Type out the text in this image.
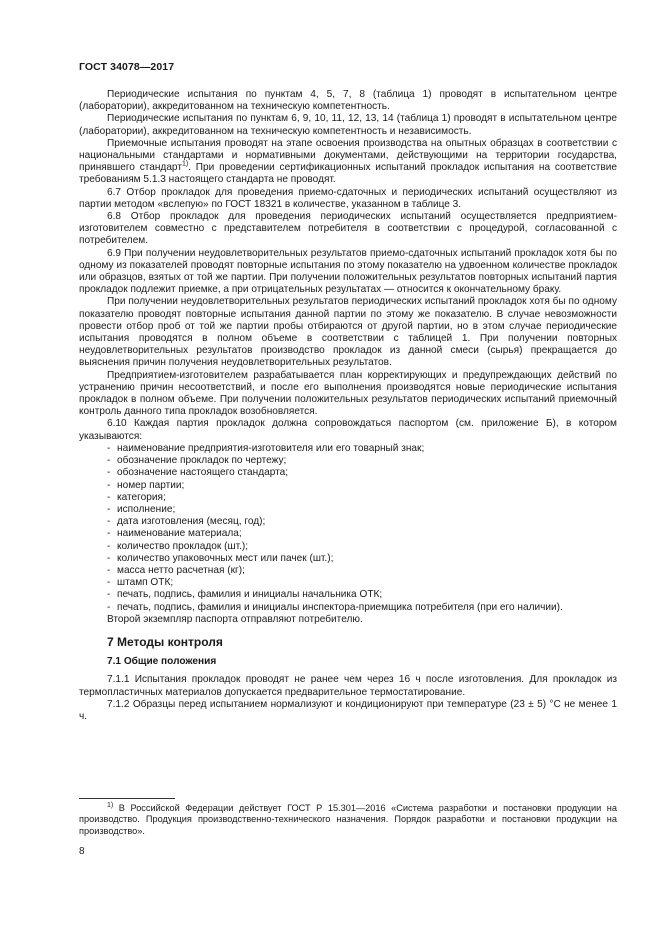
ГОСТ 34078—2017

Периодические испытания по пунктам 4, 5, 7, 8 (таблица 1) проводят в испытательном центре (лаборатории), аккредитованном на техническую компетентность.

Периодические испытания по пунктам 6, 9, 10, 11, 12, 13, 14 (таблица 1) проводят в испытательном центре (лаборатории), аккредитованном на техническую компетентность и независимость.

Приемочные испытания проводят на этапе освоения производства на опытных образцах в соответствии с национальными стандартами и нормативными документами, действующими на территории государства, принявшего стандарт$^{1)}$. При проведении сертификационных испытаний прокладок испытания на соответствие требованиям 5.1.3 настоящего стандарта не проводят.

6.7 Отбор прокладок для проведения приемо-сдаточных и периодических испытаний осуществляют из партии методом «вслепую» по ГОСТ 18321 в количестве, указанном в таблице 3.

6.8 Отбор прокладок для проведения периодических испытаний осуществляется предприятием-изготовителем совместно с представителем потребителя в соответствии с процедурой, согласованной с потребителем.

6.9 При получении неудовлетворительных результатов приемо-сдаточных испытаний прокладок хотя бы по одному из показателей проводят повторные испытания по этому показателю на удвоенном количестве прокладок или образцов, взятых от той же партии. При получении положительных результатов повторных испытаний партия прокладок подлежит приемке, а при отрицательных результатах — относится к окончательному браку.

При получении неудовлетворительных результатов периодических испытаний прокладок хотя бы по одному показателю проводят повторные испытания данной партии по этому же показателю. В случае невозможности провести отбор проб от той же партии пробы отбираются от другой партии, но в этом случае периодические испытания проводятся в полном объеме в соответствии с таблицей 1. При получении повторных неудовлетворительных результатов производство прокладок из данной смеси (сырья) прекращается до выяснения причин получения неудовлетворительных результатов.

Предприятием-изготовителем разрабатывается план корректирующих и предупреждающих действий по устранению причин несоответствий, и после его выполнения производятся новые периодические испытания прокладок в полном объеме. При получении положительных результатов периодических испытаний приемочный контроль данного типа прокладок возобновляется.

6.10 Каждая партия прокладок должна сопровождаться паспортом (см. приложение Б), в котором указываются:

- наименование предприятия-изготовителя или его товарный знак;
- обозначение прокладок по чертежу;
- обозначение настоящего стандарта;
- номер партии;
- категория;
- исполнение;
- дата изготовления (месяц, год);
- наименование материала;
- количество прокладок (шт.);
- количество упаковочных мест или пачек (шт.);
- масса нетто расчетная (кг);
- штамп ОТК;
- печать, подпись, фамилия и инициалы начальника ОТК;
- печать, подпись, фамилия и инициалы инспектора-приемщика потребителя (при его наличии).

Второй экземпляр паспорта отправляют потребителю.

7 Методы контроля
7.1 Общие положения

7.1.1 Испытания прокладок проводят не ранее чем через 16 ч после изготовления. Для прокладок из термопластичных материалов допускается предварительное термостатирование.

7.1.2 Образцы перед испытанием нормализуют и кондиционируют при температуре (23 ± 5) °С не менее 1 ч.

$^{1)}$ В Российской Федерации действует ГОСТ Р 15.301—2016 «Система разработки и постановки продукции на производство. Продукция производственно-технического назначения. Порядок разработки и постановки продукции на производство».

8
